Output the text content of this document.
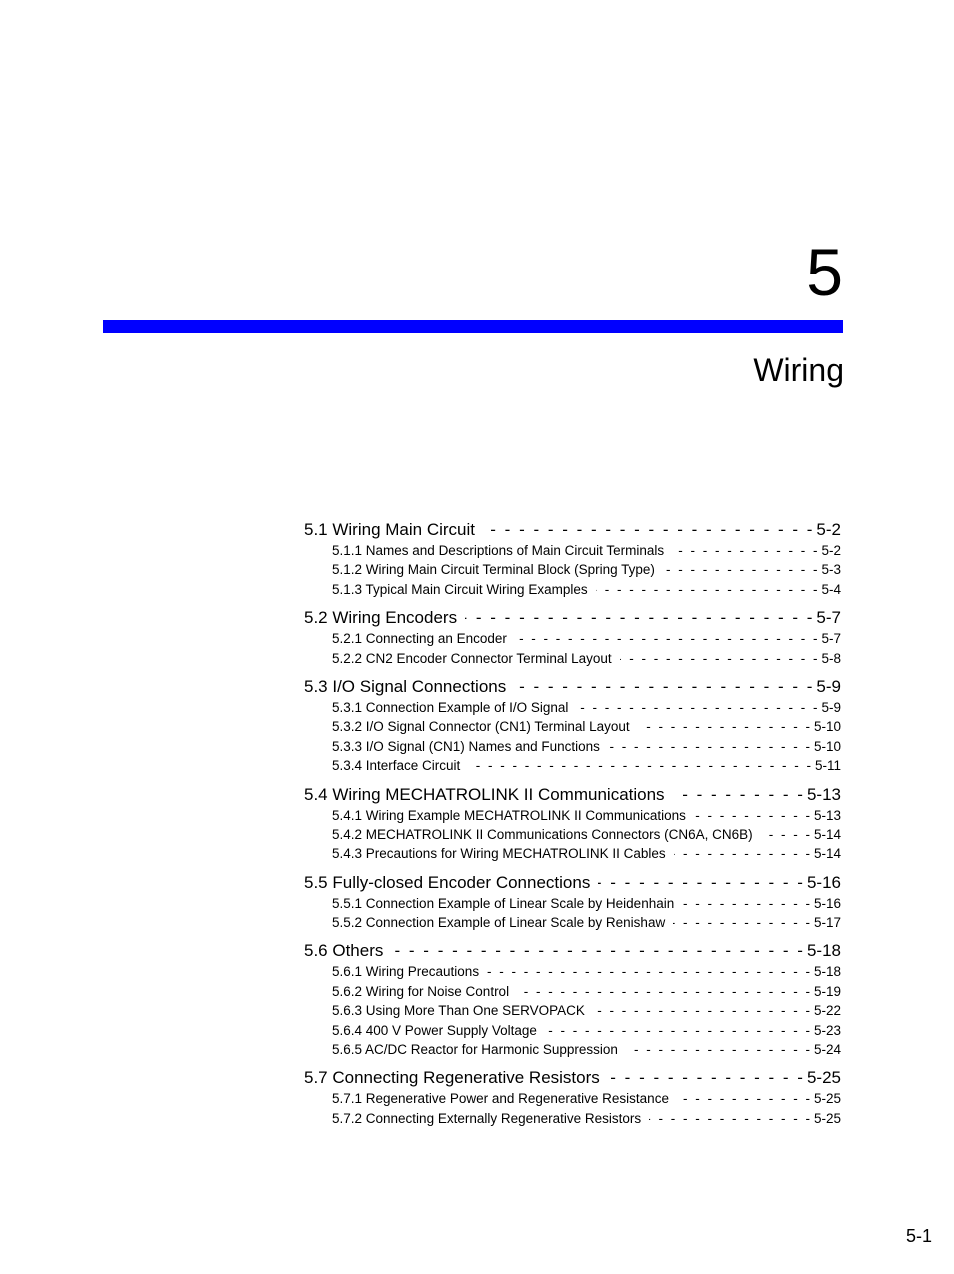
5
Wiring
5.1 Wiring Main Circuit - - -	5-2
5.1.1 Names and Descriptions of Main Circuit Terminals - - -	5-2
5.1.2 Wiring Main Circuit Terminal Block (Spring Type) - - -	5-3
5.1.3 Typical Main Circuit Wiring Examples - - -	5-4
5.2 Wiring Encoders - - -	5-7
5.2.1 Connecting an Encoder - - -	5-7
5.2.2 CN2 Encoder Connector Terminal Layout - - -	5-8
5.3 I/O Signal Connections - - -	5-9
5.3.1 Connection Example of I/O Signal - - -	5-9
5.3.2 I/O Signal Connector (CN1) Terminal Layout - - -	5-10
5.3.3 I/O Signal (CN1) Names and Functions - - -	5-10
5.3.4 Interface Circuit - - -	5-11
5.4 Wiring MECHATROLINK II Communications - - -	5-13
5.4.1 Wiring Example MECHATROLINK II Communications - - -	5-13
5.4.2 MECHATROLINK II Communications Connectors (CN6A, CN6B) - - -	5-14
5.4.3 Precautions for Wiring MECHATROLINK II Cables - - -	5-14
5.5 Fully-closed Encoder Connections - - -	5-16
5.5.1 Connection Example of Linear Scale by Heidenhain - - -	5-16
5.5.2 Connection Example of Linear Scale by Renishaw - - -	5-17
5.6 Others - - -	5-18
5.6.1 Wiring Precautions - - -	5-18
5.6.2 Wiring for Noise Control - - -	5-19
5.6.3 Using More Than One SERVOPACK - - -	5-22
5.6.4 400 V Power Supply Voltage - - -	5-23
5.6.5 AC/DC Reactor for Harmonic Suppression - - -	5-24
5.7 Connecting Regenerative Resistors - - -	5-25
5.7.1 Regenerative Power and Regenerative Resistance - - -	5-25
5.7.2 Connecting Externally Regenerative Resistors - - -	5-25
5-1
